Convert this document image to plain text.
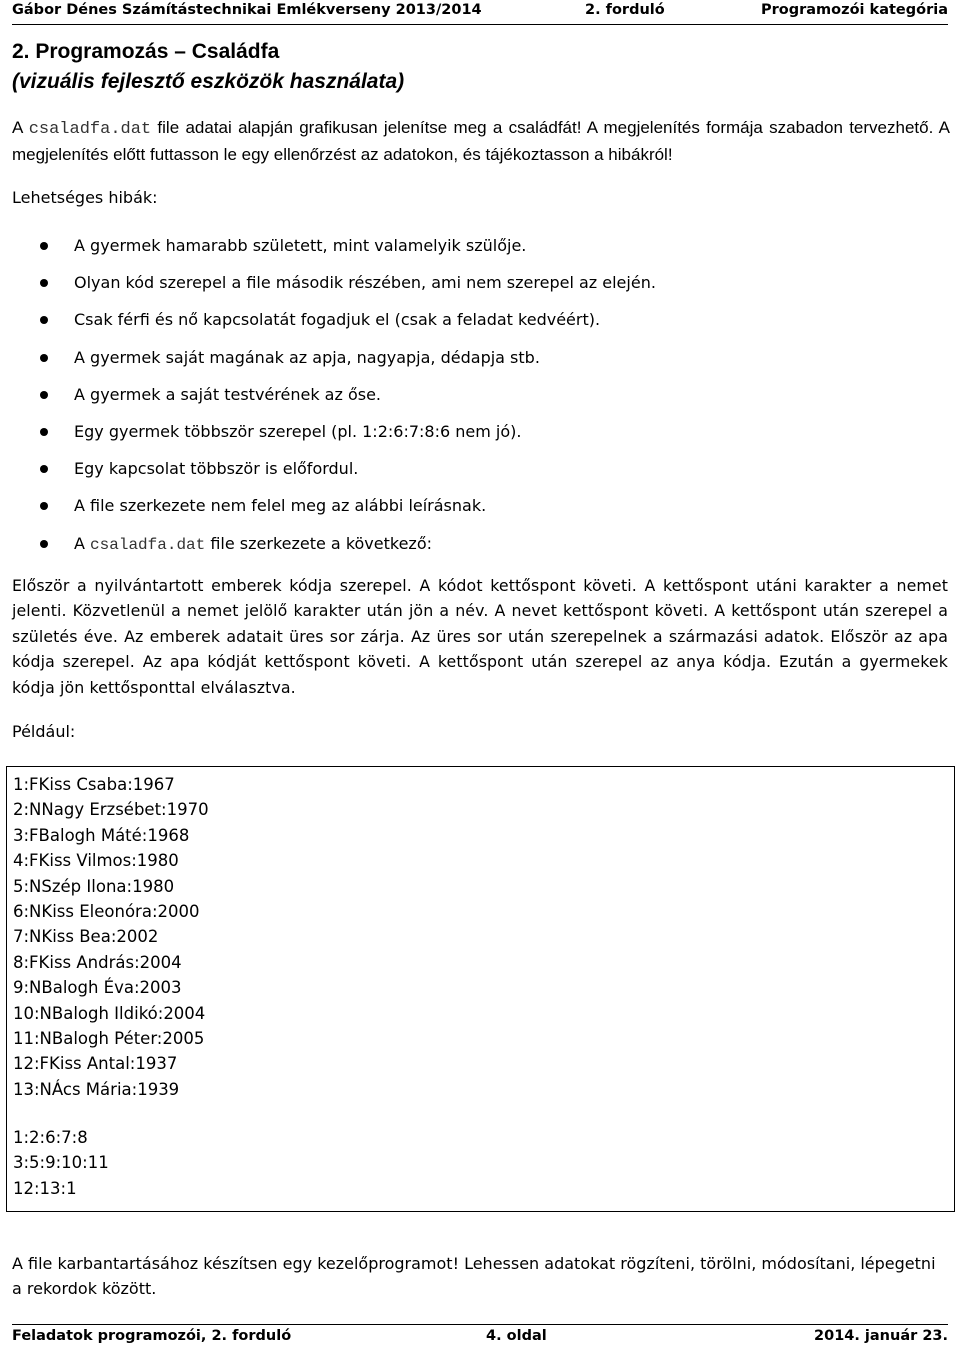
Gábor Dénes Számítástechnikai Emlékverseny 2013/2014	2. forduló	Programozói kategória
2. Programozás – Családfa
(vizuális fejlesztő eszközök használata)
A csaladfa.dat file adatai alapján grafikusan jelenítse meg a családfát! A megjelenítés formája szabadon tervezhető. A megjelenítés előtt futtasson le egy ellenőrzést az adatokon, és tájékoztasson a hibákról!
Lehetséges hibák:
A gyermek hamarabb született, mint valamelyik szülője.
Olyan kód szerepel a file második részében, ami nem szerepel az elején.
Csak férfi és nő kapcsolatát fogadjuk el (csak a feladat kedvéért).
A gyermek saját magának az apja, nagyapja, dédapja stb.
A gyermek a saját testvérének az őse.
Egy gyermek többször szerepel (pl. 1:2:6:7:8:6 nem jó).
Egy kapcsolat többször is előfordul.
A file szerkezete nem felel meg az alábbi leírásnak.
A csaladfa.dat file szerkezete a következő:
Először a nyilvántartott emberek kódja szerepel. A kódot kettőspont követi. A kettőspont utáni karakter a nemet jelenti. Közvetlenül a nemet jelölő karakter után jön a név. A nevet kettőspont követi. A kettőspont után szerepel a születés éve. Az emberek adatait üres sor zárja. Az üres sor után szerepelnek a származási adatok. Először az apa kódja szerepel. Az apa kódját kettőspont követi. A kettőspont után szerepel az anya kódja. Ezután a gyermekek kódja jön kettősponttal elválasztva.
Például:
1:FKiss Csaba:1967
2:NNagy Erzsébet:1970
3:FBalogh Máté:1968
4:FKiss Vilmos:1980
5:NSzép Ilona:1980
6:NKiss Eleonóra:2000
7:NKiss Bea:2002
8:FKiss András:2004
9:NBalogh Éva:2003
10:NBalogh Ildikó:2004
11:NBalogh Péter:2005
12:FKiss Antal:1937
13:NÁcs Mária:1939
1:2:6:7:8
3:5:9:10:11
12:13:1
A file karbantartásához készítsen egy kezelőprogramot! Lehessen adatokat rögzíteni, törölni, módosítani, lépegetni a rekordok között.
Feladatok programozói, 2. forduló	4. oldal	2014. január 23.
